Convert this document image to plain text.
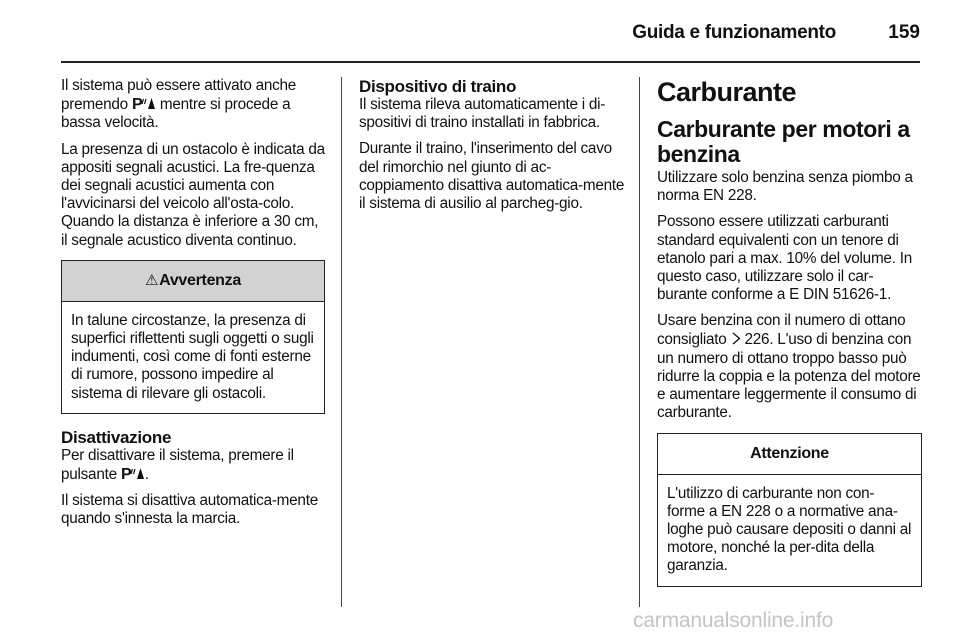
Guida e funzionamento	159

Il sistema può essere attivato anche premendo P mentre si procede a bassa velocità.

La presenza di un ostacolo è indicata da appositi segnali acustici. La fre-quenza dei segnali acustici aumenta con l'avvicinarsi del veicolo all'osta-colo. Quando la distanza è inferiore a 30 cm, il segnale acustico diventa continuo.

⚠ Avvertenza
In talune circostanze, la presenza di superfici riflettenti sugli oggetti o sugli indumenti, così come di fonti esterne di rumore, possono impedire al sistema di rilevare gli ostacoli.
Disattivazione

Per disattivare il sistema, premere il pulsante P .

Il sistema si disattiva automatica-mente quando s'innesta la marcia.

Dispositivo di traino

Il sistema rileva automaticamente i di-spositivi di traino installati in fabbrica.

Durante il traino, l'inserimento del cavo del rimorchio nel giunto di ac-coppiamento disattiva automatica-mente il sistema di ausilio al parcheg-gio.

Carburante
Carburante per motori a benzina

Utilizzare solo benzina senza piombo a norma EN 228.

Possono essere utilizzati carburanti standard equivalenti con un tenore di etanolo pari a max. 10% del volume. In questo caso, utilizzare solo il car-burante conforme a E DIN 51626-1.

Usare benzina con il numero di ottano consigliato  226. L'uso di benzina con un numero di ottano troppo basso può ridurre la coppia e la potenza del motore e aumentare leggermente il consumo di carburante.

Attenzione
L'utilizzo di carburante non con-forme a EN 228 o a normative ana-loghe può causare depositi o danni al motore, nonché la per-dita della garanzia.
carmanualsonline.info
